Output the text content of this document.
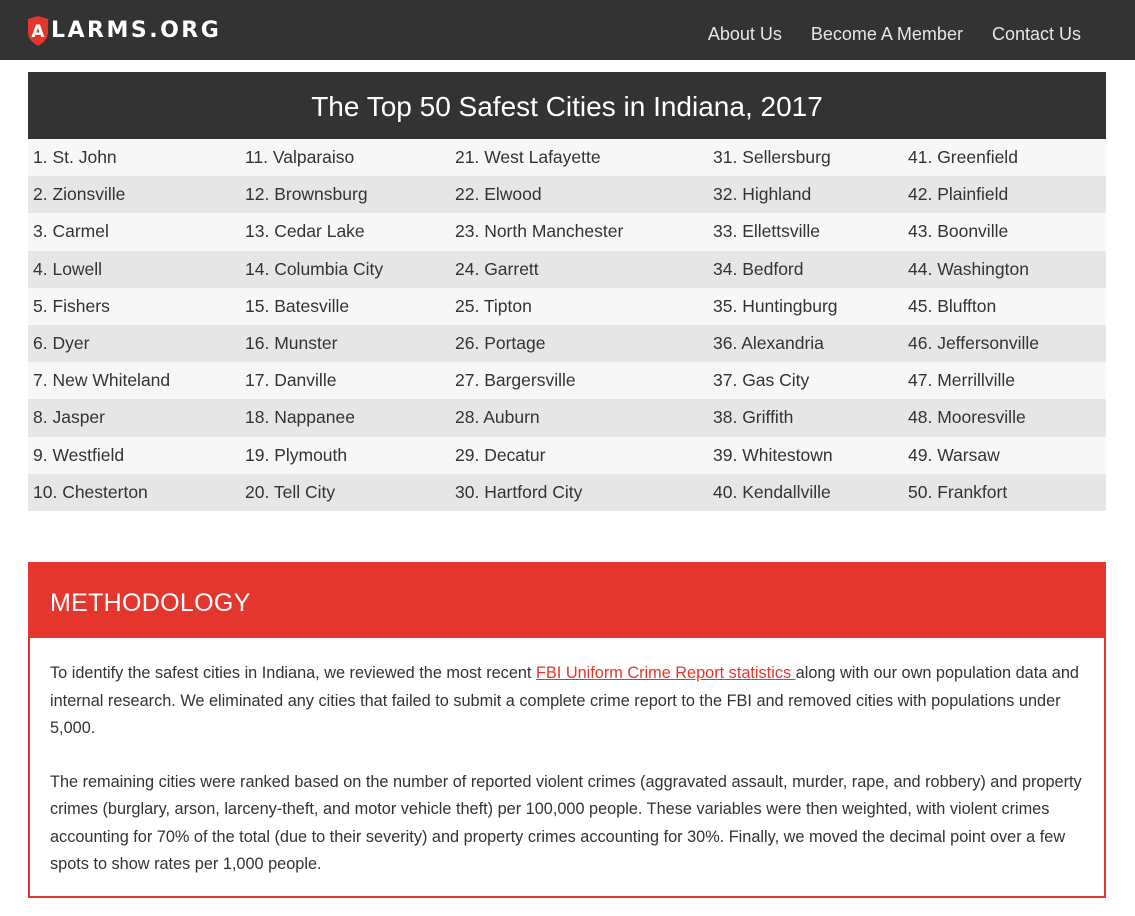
A LARMS.ORG	About Us Become A Member Contact Us
The Top 50 Safest Cities in Indiana, 2017
1. St. John	11. Valparaiso	21. West Lafayette	31. Sellersburg	41. Greenfield
2. Zionsville	12. Brownsburg	22. Elwood	32. Highland	42. Plainfield
3. Carmel	13. Cedar Lake	23. North Manchester	33. Ellettsville	43. Boonville
4. Lowell	14. Columbia City	24. Garrett	34. Bedford	44. Washington
5. Fishers	15. Batesville	25. Tipton	35. Huntingburg	45. Bluffton
6. Dyer	16. Munster	26. Portage	36. Alexandria	46. Jeffersonville
7. New Whiteland	17. Danville	27. Bargersville	37. Gas City	47. Merrillville
8. Jasper	18. Nappanee	28. Auburn	38. Griffith	48. Mooresville
9. Westfield	19. Plymouth	29. Decatur	39. Whitestown	49. Warsaw
10. Chesterton	20. Tell City	30. Hartford City	40. Kendallville	50. Frankfort
METHODOLOGY

To identify the safest cities in Indiana, we reviewed the most recent FBI Uniform Crime Report statistics along with our own population data and internal research. We eliminated any cities that failed to submit a complete crime report to the FBI and removed cities with populations under 5,000.

The remaining cities were ranked based on the number of reported violent crimes (aggravated assault, murder, rape, and robbery) and property crimes (burglary, arson, larceny-theft, and motor vehicle theft) per 100,000 people. These variables were then weighted, with violent crimes accounting for 70% of the total (due to their severity) and property crimes accounting for 30%. Finally, we moved the decimal point over a few spots to show rates per 1,000 people.
